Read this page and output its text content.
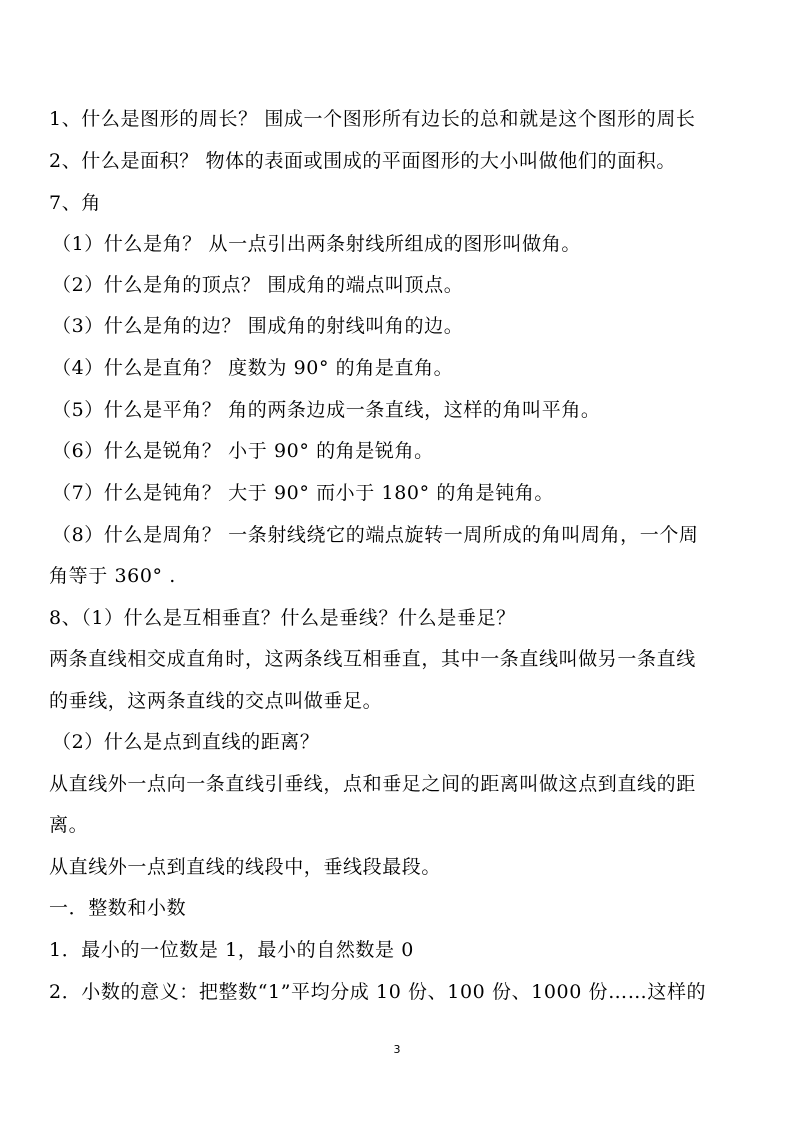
1、什么是图形的周长？ 围成一个图形所有边长的总和就是这个图形的周长
2、什么是面积？ 物体的表面或围成的平面图形的大小叫做他们的面积。
7、角
（1）什么是角？ 从一点引出两条射线所组成的图形叫做角。
（2）什么是角的顶点？ 围成角的端点叫顶点。
（3）什么是角的边？ 围成角的射线叫角的边。
（4）什么是直角？ 度数为 90° 的角是直角。
（5）什么是平角？ 角的两条边成一条直线，这样的角叫平角。
（6）什么是锐角？ 小于 90° 的角是锐角。
（7）什么是钝角？ 大于 90° 而小于 180° 的角是钝角。
（8）什么是周角？ 一条射线绕它的端点旋转一周所成的角叫周角，一个周
角等于 360° .
8、（1）什么是互相垂直？什么是垂线？什么是垂足？
两条直线相交成直角时，这两条线互相垂直，其中一条直线叫做另一条直线
的垂线，这两条直线的交点叫做垂足。
（2）什么是点到直线的距离？
从直线外一点向一条直线引垂线，点和垂足之间的距离叫做这点到直线的距
离。
从直线外一点到直线的线段中，垂线段最段。
一．整数和小数
1．最小的一位数是 1，最小的自然数是 0
2．小数的意义：把整数“1”平均分成 10 份、100 份、1000 份……这样的
3
